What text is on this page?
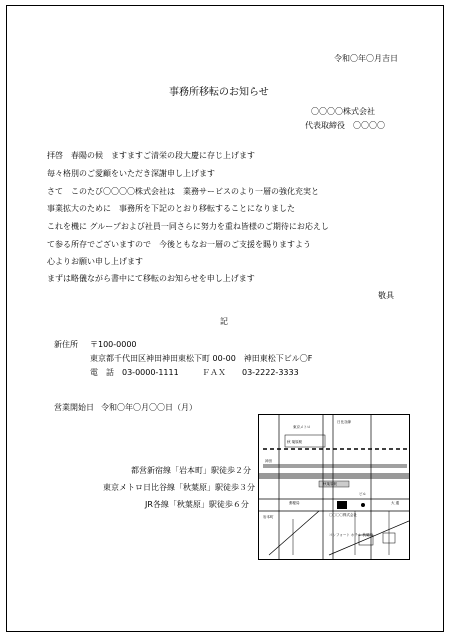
令和〇年〇月吉日
事務所移転のお知らせ
〇〇〇〇株式会社
代表取締役　〇〇〇〇
拝啓　春陽の候　ますますご清栄の段大慶に存じ上げます
毎々格別のご愛顧をいただき深謝申し上げます
さて　このたび〇〇〇〇株式会社は　業務サービスのより一層の強化充実と
事業拡大のために　事務所を下記のとおり移転することになりました
これを機に グループおよび社員一同さらに努力を重ね皆様のご期待にお応えし
て参る所存でございますので　今後ともなお一層のご支援を賜りますよう
心よりお願い申し上げます
まずは略儀ながら書中にて移転のお知らせを申し上げます
敬具
記
新住所 〒100-0000
東京都千代田区神田神田東松下町 00-00　神田東松下ビル〇F
電　話 03-0000-1111	ＦＡＸ 03-2222-3333
営業開始日 令和〇年〇月〇〇日（月）
都営新宿線「岩本町」駅徒歩２分
東京メトロ日比谷線「秋葉原」駅徒歩３分
JR各線「秋葉原」駅徒歩６分
日比谷線
東京メトロ
秋 葉原駅
秋葉原駅
大 通
ビル
郵便局
〇〇〇〇株式会社
コンフォート ホテル 秋葉原
神田
岩本町
